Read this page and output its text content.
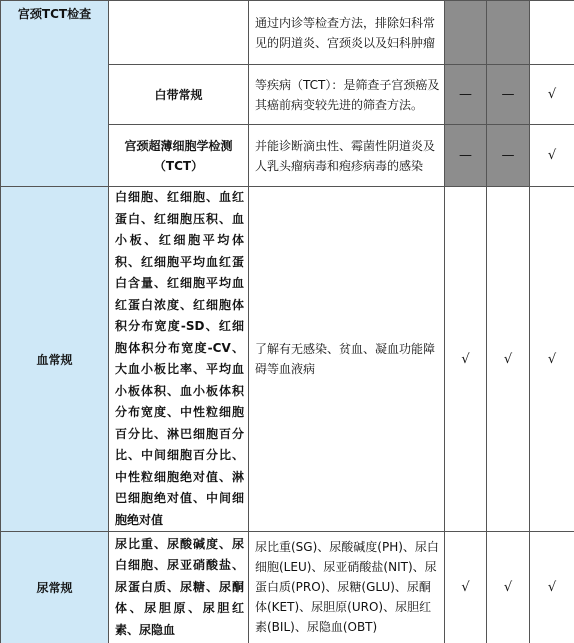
宫颈TCT检查		通过内诊等检查方法，排除妇科常见的阴道炎、宫颈炎以及妇科肿瘤			
	白带常规	等疾病（TCT）：是筛查子宫颈癌及其癌前病变较先进的筛查方法。	—	—	√
	宫颈超薄细胞学检测（TCT）	并能诊断滴虫性、霉菌性阴道炎及人乳头瘤病毒和疱疹病毒的感染	—	—	√
血常规	白细胞、红细胞、血红蛋白、红细胞压积、血小板、红细胞平均体积、红细胞平均血红蛋白含量、红细胞平均血红蛋白浓度、红细胞体积分布宽度-SD、红细胞体积分布宽度-CV、大血小板比率、平均血小板体积、血小板体积分布宽度、中性粒细胞百分比、淋巴细胞百分比、中间细胞百分比、中性粒细胞绝对值、淋巴细胞绝对值、中间细胞绝对值	了解有无感染、贫血、凝血功能障碍等血液病	√	√	√
尿常规	尿比重、尿酸碱度、尿白细胞、尿亚硝酸盐、尿蛋白质、尿糖、尿酮体、尿胆原、尿胆红素、尿隐血	尿比重(SG)、尿酸碱度(PH)、尿白细胞(LEU)、尿亚硝酸盐(NIT)、尿蛋白质(PRO)、尿糖(GLU)、尿酮体(KET)、尿胆原(URO)、尿胆红素(BIL)、尿隐血(OBT)	√	√	√
